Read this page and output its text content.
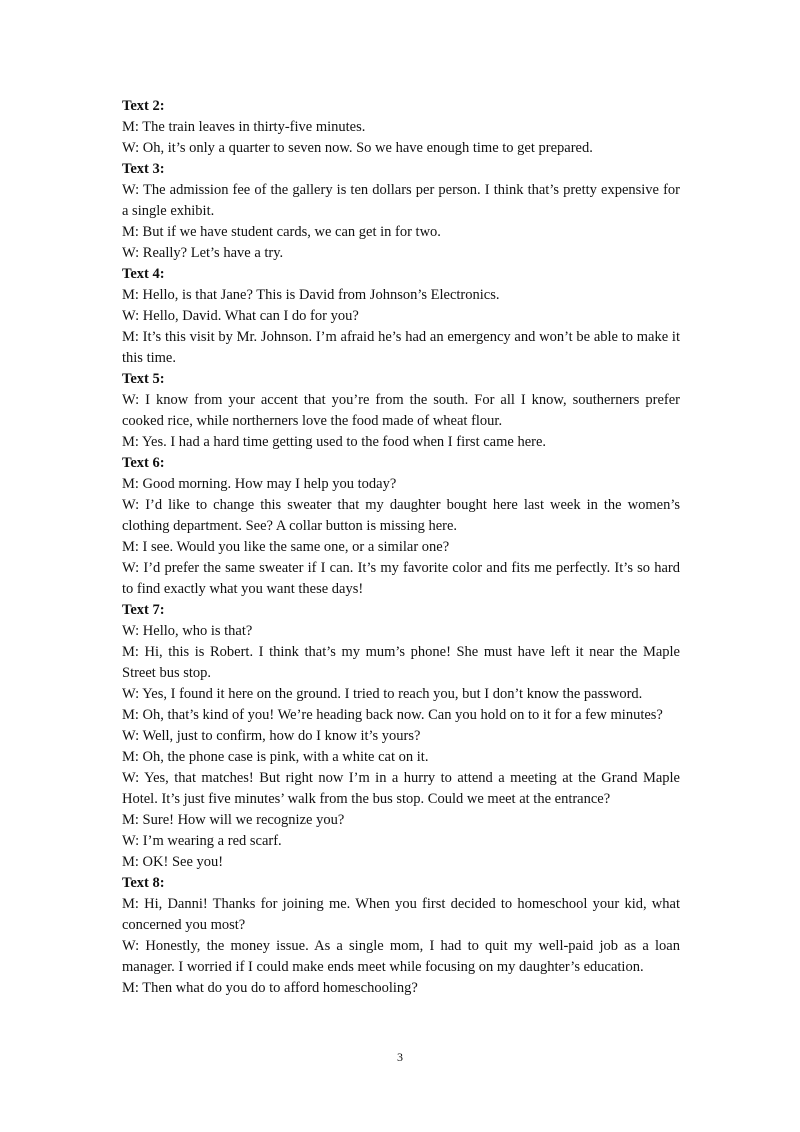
Text 2:

M: The train leaves in thirty-five minutes.

W: Oh, it’s only a quarter to seven now. So we have enough time to get prepared.

Text 3:

W: The admission fee of the gallery is ten dollars per person. I think that’s pretty expensive for a single exhibit.

M: But if we have student cards, we can get in for two.

W: Really? Let’s have a try.

Text 4:

M: Hello, is that Jane? This is David from Johnson’s Electronics.

W: Hello, David. What can I do for you?

M: It’s this visit by Mr. Johnson. I’m afraid he’s had an emergency and won’t be able to make it this time.

Text 5:

W: I know from your accent that you’re from the south. For all I know, southerners prefer cooked rice, while northerners love the food made of wheat flour.

M: Yes. I had a hard time getting used to the food when I first came here.

Text 6:

M: Good morning. How may I help you today?

W: I’d like to change this sweater that my daughter bought here last week in the women’s clothing department. See? A collar button is missing here.

M: I see. Would you like the same one, or a similar one?

W: I’d prefer the same sweater if I can. It’s my favorite color and fits me perfectly. It’s so hard to find exactly what you want these days!

Text 7:

W: Hello, who is that?

M: Hi, this is Robert. I think that’s my mum’s phone! She must have left it near the Maple Street bus stop.

W: Yes, I found it here on the ground. I tried to reach you, but I don’t know the password.

M: Oh, that’s kind of you! We’re heading back now. Can you hold on to it for a few minutes?

W: Well, just to confirm, how do I know it’s yours?

M: Oh, the phone case is pink, with a white cat on it.

W: Yes, that matches! But right now I’m in a hurry to attend a meeting at the Grand Maple Hotel. It’s just five minutes’ walk from the bus stop. Could we meet at the entrance?

M: Sure! How will we recognize you?

W: I’m wearing a red scarf.

M: OK! See you!

Text 8:

M: Hi, Danni! Thanks for joining me. When you first decided to homeschool your kid, what concerned you most?

W: Honestly, the money issue. As a single mom, I had to quit my well-paid job as a loan manager. I worried if I could make ends meet while focusing on my daughter’s education.

M: Then what do you do to afford homeschooling?

3
